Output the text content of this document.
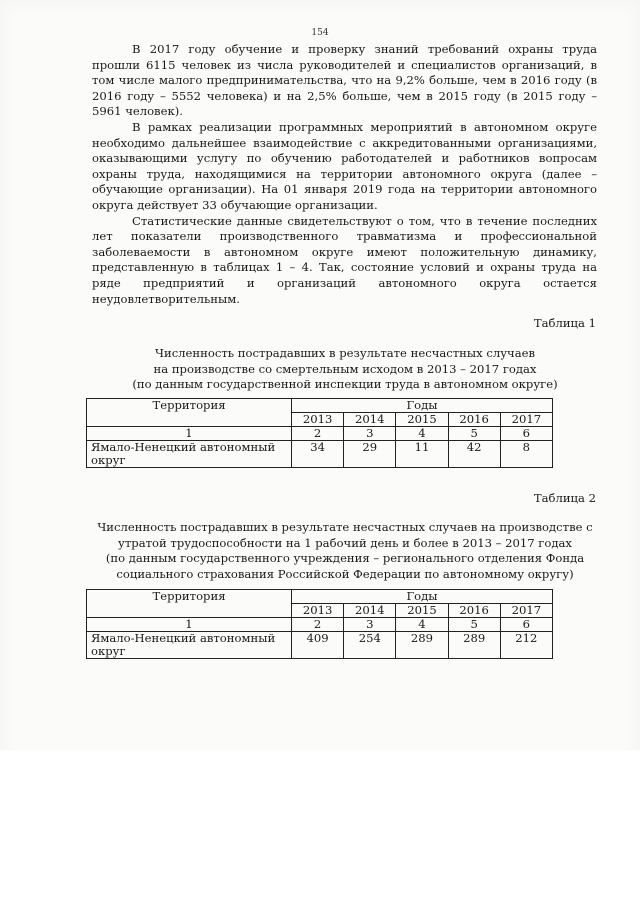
154

В 2017 году обучение и проверку знаний требований охраны труда прошли 6115 человек из числа руководителей и специалистов организаций, в том числе малого предпринимательства, что на 9,2% больше, чем в 2016 году (в 2016 году – 5552 человека) и на 2,5% больше, чем в 2015 году (в 2015 году – 5961 человек).

В рамках реализации программных мероприятий в автономном округе необходимо дальнейшее взаимодействие с аккредитованными организациями, оказывающими услугу по обучению работодателей и работников вопросам охраны труда, находящимися на территории автономного округа (далее – обучающие организации). На 01 января 2019 года на территории автономного округа действует 33 обучающие организации.

Статистические данные свидетельствуют о том, что в течение последних лет показатели производственного травматизма и профессиональной заболеваемости в автономном округе имеют положительную динамику, представленную в таблицах 1 – 4. Так, состояние условий и охраны труда на ряде предприятий и организаций автономного округа остается неудовлетворительным.

Таблица 1
Численность пострадавших в результате несчастных случаев
на производстве со смертельным исходом в 2013 – 2017 годах
(по данным государственной инспекции труда в автономном округе)
Территория	Годы				
	2013	2014	2015	2016	2017
1	2	3	4	5	6
Ямало-Ненецкий автономный округ	34	29	11	42	8
Таблица 2
Численность пострадавших в результате несчастных случаев на производстве с
утратой трудоспособности на 1 рабочий день и более в 2013 – 2017 годах
(по данным государственного учреждения – регионального отделения Фонда
социального страхования Российской Федерации по автономному округу)
Территория	Годы				
	2013	2014	2015	2016	2017
1	2	3	4	5	6
Ямало-Ненецкий автономный округ	409	254	289	289	212
